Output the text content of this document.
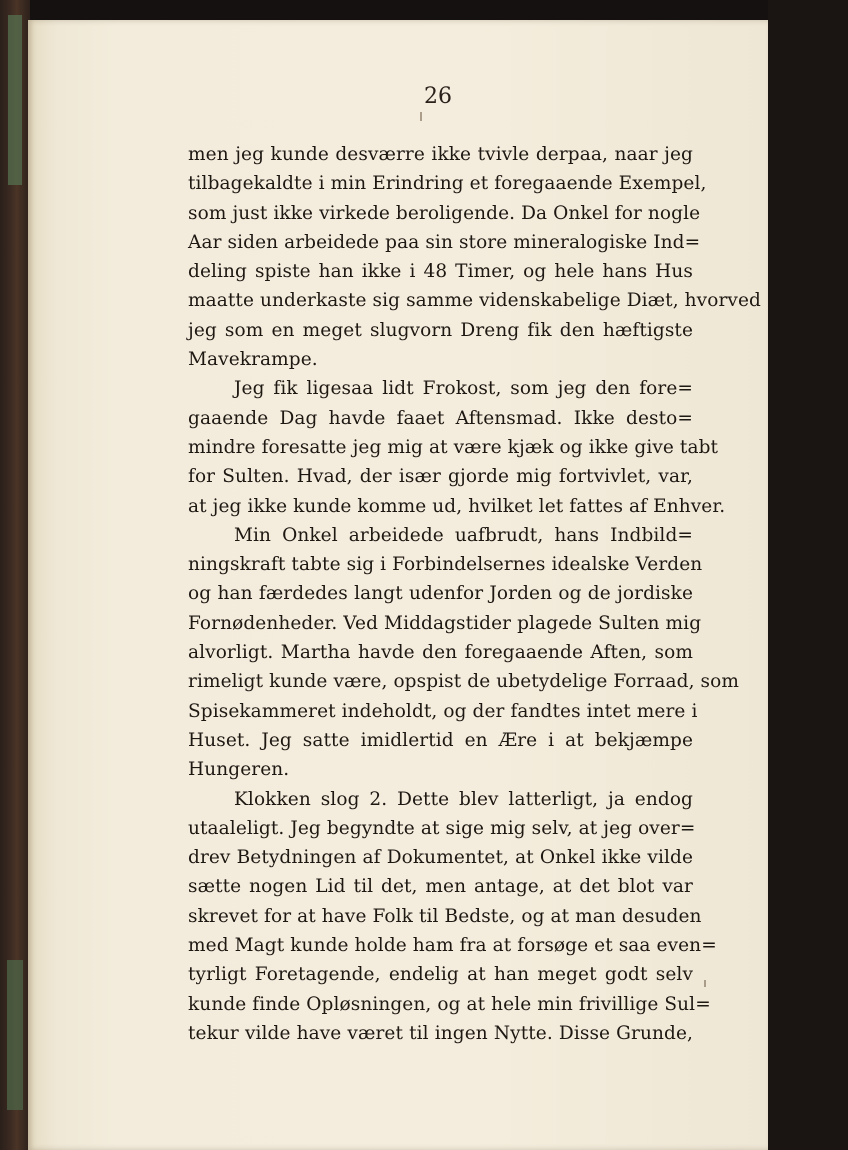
26
men jeg kunde desværre ikke tvivle derpaa, naar jeg
tilbagekaldte i min Erindring et foregaaende Exempel,
som just ikke virkede beroligende. Da Onkel for nogle
Aar siden arbeidede paa sin store mineralogiske Ind=
deling spiste han ikke i 48 Timer, og hele hans Hus
maatte underkaste sig samme videnskabelige Diæt, hvorved
jeg som en meget slugvorn Dreng fik den hæftigste
Mavekrampe.
Jeg fik ligesaa lidt Frokost, som jeg den fore=
gaaende Dag havde faaet Aftensmad. Ikke desto=
mindre foresatte jeg mig at være kjæk og ikke give tabt
for Sulten. Hvad, der især gjorde mig fortvivlet, var,
at jeg ikke kunde komme ud, hvilket let fattes af Enhver.
Min Onkel arbeidede uafbrudt, hans Indbild=
ningskraft tabte sig i Forbindelsernes idealske Verden
og han færdedes langt udenfor Jorden og de jordiske
Fornødenheder. Ved Middagstider plagede Sulten mig
alvorligt. Martha havde den foregaaende Aften, som
rimeligt kunde være, opspist de ubetydelige Forraad, som
Spisekammeret indeholdt, og der fandtes intet mere i
Huset. Jeg satte imidlertid en Ære i at bekjæmpe
Hungeren.
Klokken slog 2. Dette blev latterligt, ja endog
utaaleligt. Jeg begyndte at sige mig selv, at jeg over=
drev Betydningen af Dokumentet, at Onkel ikke vilde
sætte nogen Lid til det, men antage, at det blot var
skrevet for at have Folk til Bedste, og at man desuden
med Magt kunde holde ham fra at forsøge et saa even=
tyrligt Foretagende, endelig at han meget godt selv
kunde finde Opløsningen, og at hele min frivillige Sul=
tekur vilde have været til ingen Nytte. Disse Grunde,
